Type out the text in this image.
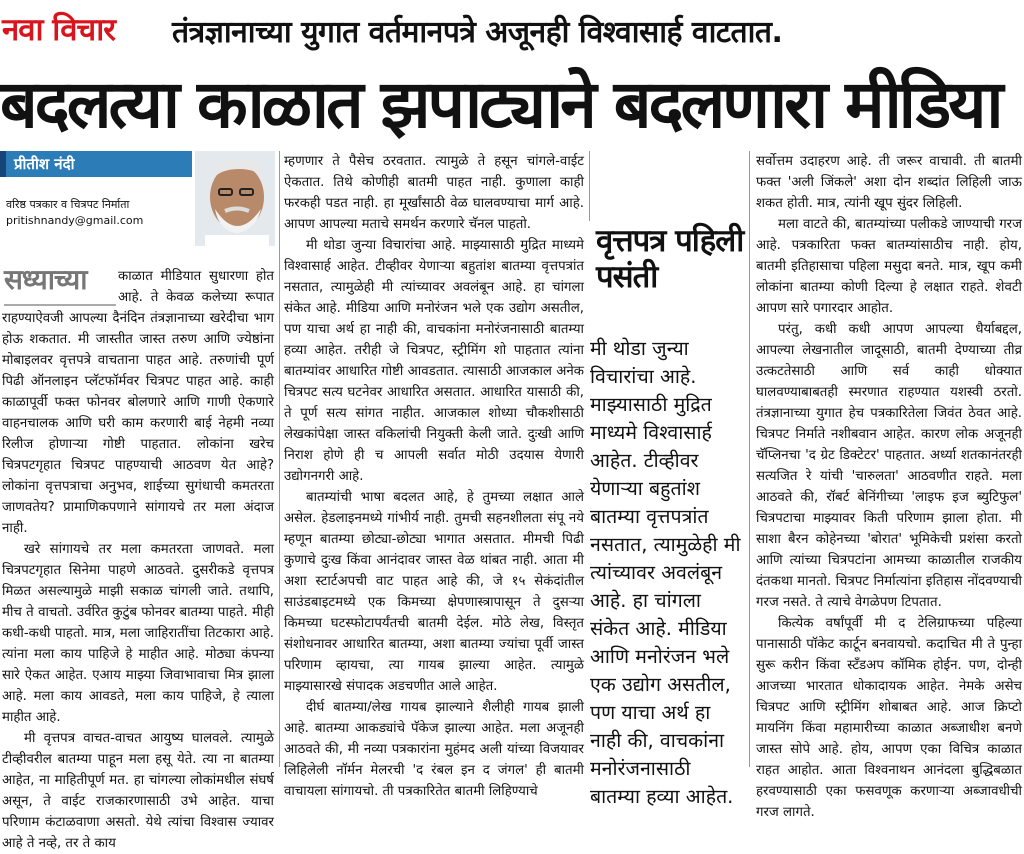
नवा विचार तंत्रज्ञानाच्या युगात वर्तमानपत्रे अजूनही विश्वासार्ह वाटतात.
बदलत्या काळात झपाट्याने बदलणारा मीडिया
प्रीतीश नंदी
वरिष्ठ पत्रकार व चित्रपट निर्माता
pritishnandy@gmail.com
सध्याच्या	काळात मीडियात सुधारणा होत आहे. ते केवळ कलेच्या रूपात राहण्याऐवजी आपल्या दैनंदिन तंत्रज्ञानाच्या खरेदीचा भाग होऊ शकतात. मी जास्तीत जास्त तरुण आणि ज्येष्ठांना मोबाइलवर वृत्तपत्रे वाचताना पाहत आहे. तरुणांची पूर्ण पिढी ऑनलाइन प्लॅटफॉर्मवर चित्रपट पाहत आहे. काही काळापूर्वी फक्त फोनवर बोलणारे आणि गाणी ऐकणारे वाहनचालक आणि घरी काम करणारी बाई नेहमी नव्या रिलीज होणाऱ्या गोष्टी पाहतात. लोकांना खरेच चित्रपटगृहात चित्रपट पाहण्याची आठवण येत आहे? लोकांना वृत्तपत्राचा अनुभव, शाईच्या सुगंधाची कमतरता जाणवतेय? प्रामाणिकपणाने सांगायचे तर मला अंदाज नाही.

खरे सांगायचे तर मला कमतरता जाणवते. मला चित्रपटगृहात सिनेमा पाहणे आठवते. दुसरीकडे वृत्तपत्र मिळत असल्यामुळे माझी सकाळ चांगली जाते. तथापि, मीच ते वाचतो. उर्वरित कुटुंब फोनवर बातम्या पाहते. मीही कधी-कधी पाहतो. मात्र, मला जाहिरातींचा तिटकारा आहे. त्यांना मला काय पाहिजे हे माहीत आहे. मोठ्या कंपन्या सारे ऐकत आहेत. एआय माझ्या जिवाभावाचा मित्र झाला आहे. मला काय आवडते, मला काय पाहिजे, हे त्याला माहीत आहे.

मी वृत्तपत्र वाचत-वाचत आयुष्य घालवले. त्यामुळे टीव्हीवरील बातम्या पाहून मला हसू येते. त्या ना बातम्या आहेत, ना माहितीपूर्ण मत. हा चांगल्या लोकांमधील संघर्ष असून, ते वाईट राजकारणासाठी उभे आहेत. याचा परिणाम कंटाळवाणा असतो. येथे त्यांचा विश्वास ज्यावर आहे ते नव्हे, तर ते काय

म्हणणार ते पैसेच ठरवतात. त्यामुळे ते हसून चांगले-वाईट ऐकतात. तिथे कोणीही बातमी पाहत नाही. कुणाला काही फरकही पडत नाही. हा मूर्खांसाठी वेळ घालवण्याचा मार्ग आहे. आपण आपल्या मताचे समर्थन करणारे चॅनल पाहतो.

मी थोडा जुन्या विचारांचा आहे. माझ्यासाठी मुद्रित माध्यमे विश्वासार्ह आहेत. टीव्हीवर येणाऱ्या बहुतांश बातम्या वृत्तपत्रांत नसतात, त्यामुळेही मी त्यांच्यावर अवलंबून आहे. हा चांगला संकेत आहे. मीडिया आणि मनोरंजन भले एक उद्योग असतील, पण याचा अर्थ हा नाही की, वाचकांना मनोरंजनासाठी बातम्या हव्या आहेत. तरीही जे चित्रपट, स्ट्रीमिंग शो पाहतात त्यांना बातम्यांवर आधारित गोष्टी आवडतात. त्यासाठी आजकाल अनेक चित्रपट सत्य घटनेवर आधारित असतात. आधारित यासाठी की, ते पूर्ण सत्य सांगत नाहीत. आजकाल शोध्या चौकशीसाठी लेखकांपेक्षा जास्त वकिलांची नियुक्ती केली जाते. दुःखी आणि निराश होणे ही च आपली सर्वात मोठी उदयास येणारी उद्योगनगरी आहे.

बातम्यांची भाषा बदलत आहे, हे तुमच्या लक्षात आले असेल. हेडलाइनमध्ये गांभीर्य नाही. तुमची सहनशीलता संपू नये म्हणून बातम्या छोट्या-छोट्या भागात असतात. मीमची पिढी कुणाचे दुःख किंवा आनंदावर जास्त वेळ थांबत नाही. आता मी अशा स्टार्टअपची वाट पाहत आहे की, जे १५ सेकंदांतील साउंडबाइटमध्ये एक किमच्या क्षेपणास्त्रापासून ते दुसऱ्या किमच्या घटस्फोटापर्यंतची बातमी देईल. मोठे लेख, विस्तृत संशोधनावर आधारित बातम्या, अशा बातम्या ज्यांचा पूर्वी जास्त परिणाम व्हायचा, त्या गायब झाल्या आहेत. त्यामुळे माझ्यासारखे संपादक अडचणीत आले आहेत.

दीर्घ बातम्या/लेख गायब झाल्याने शैलीही गायब झाली आहे. बातम्या आकड्यांचे पॅकेज झाल्या आहेत. मला अजूनही आठवते की, मी नव्या पत्रकारांना मुहंमद अली यांच्या विजयावर लिहिलेली नॉर्मन मेलरची 'द रंबल इन द जंगल' ही बातमी वाचायला सांगायचो. ती पत्रकारितेत बातमी लिहिण्याचे

वृत्तपत्र पहिली पसंती
मी थोडा जुन्या विचारांचा आहे. माझ्यासाठी मुद्रित माध्यमे विश्वासार्ह आहेत. टीव्हीवर येणाऱ्या बहुतांश बातम्या वृत्तपत्रांत नसतात, त्यामुळेही मी त्यांच्यावर अवलंबून आहे. हा चांगला संकेत आहे. मीडिया आणि मनोरंजन भले एक उद्योग असतील, पण याचा अर्थ हा नाही की, वाचकांना मनोरंजनासाठी बातम्या हव्या आहेत.

सर्वोत्तम उदाहरण आहे. ती जरूर वाचावी. ती बातमी फक्त 'अली जिंकले' अशा दोन शब्दांत लिहिली जाऊ शकत होती. मात्र, त्यांनी खूप सुंदर लिहिली.

मला वाटते की, बातम्यांच्या पलीकडे जाण्याची गरज आहे. पत्रकारिता फक्त बातम्यांसाठीच नाही. होय, बातमी इतिहासाचा पहिला मसुदा बनते. मात्र, खूप कमी लोकांना बातम्या कोणी दिल्या हे लक्षात राहते. शेवटी आपण सारे पगारदार आहोत.

परंतु, कधी कधी आपण आपल्या धैर्याबद्दल, आपल्या लेखनातील जादूसाठी, बातमी देण्याच्या तीव्र उत्कटतेसाठी आणि सर्व काही धोक्यात घालवण्याबाबतही स्मरणात राहण्यात यशस्वी ठरतो. तंत्रज्ञानाच्या युगात हेच पत्रकारितेला जिवंत ठेवत आहे. चित्रपट निर्माते नशीबवान आहेत. कारण लोक अजूनही चॅप्लिनचा 'द ग्रेट डिक्टेटर' पाहतात. अर्ध्या शतकानंतरही सत्यजित रे यांची 'चारुलता' आठवणीत राहते. मला आठवते की, रॉबर्ट बेनिंगीच्या 'लाइफ इज ब्युटिफुल' चित्रपटाचा माझ्यावर किती परिणाम झाला होता. मी साशा बैरन कोहेनच्या 'बोरात' भूमिकेची प्रशंसा करतो आणि त्यांच्या चित्रपटांना आमच्या काळातील राजकीय दंतकथा मानतो. चित्रपट निर्मात्यांना इतिहास नोंदवण्याची गरज नसते. ते त्याचे वेगळेपण टिपतात.

कित्येक वर्षांपूर्वी मी द टेलिग्राफच्या पहिल्या पानासाठी पॉकेट कार्टून बनवायचो. कदाचित मी ते पुन्हा सुरू करीन किंवा स्टँडअप कॉमिक होईन. पण, दोन्ही आजच्या भारतात धोकादायक आहेत. नेमके असेच चित्रपट आणि स्ट्रीमिंग शोबाबत आहे. आज क्रिप्टो मायनिंग किंवा महामारीच्या काळात अब्जाधीश बनणे जास्त सोपे आहे. होय, आपण एका विचित्र काळात राहत आहोत. आता विश्वनाथन आनंदला बुद्धिबळात हरवण्यासाठी एका फसवणूक करणाऱ्या अब्जावधीची गरज लागते.
